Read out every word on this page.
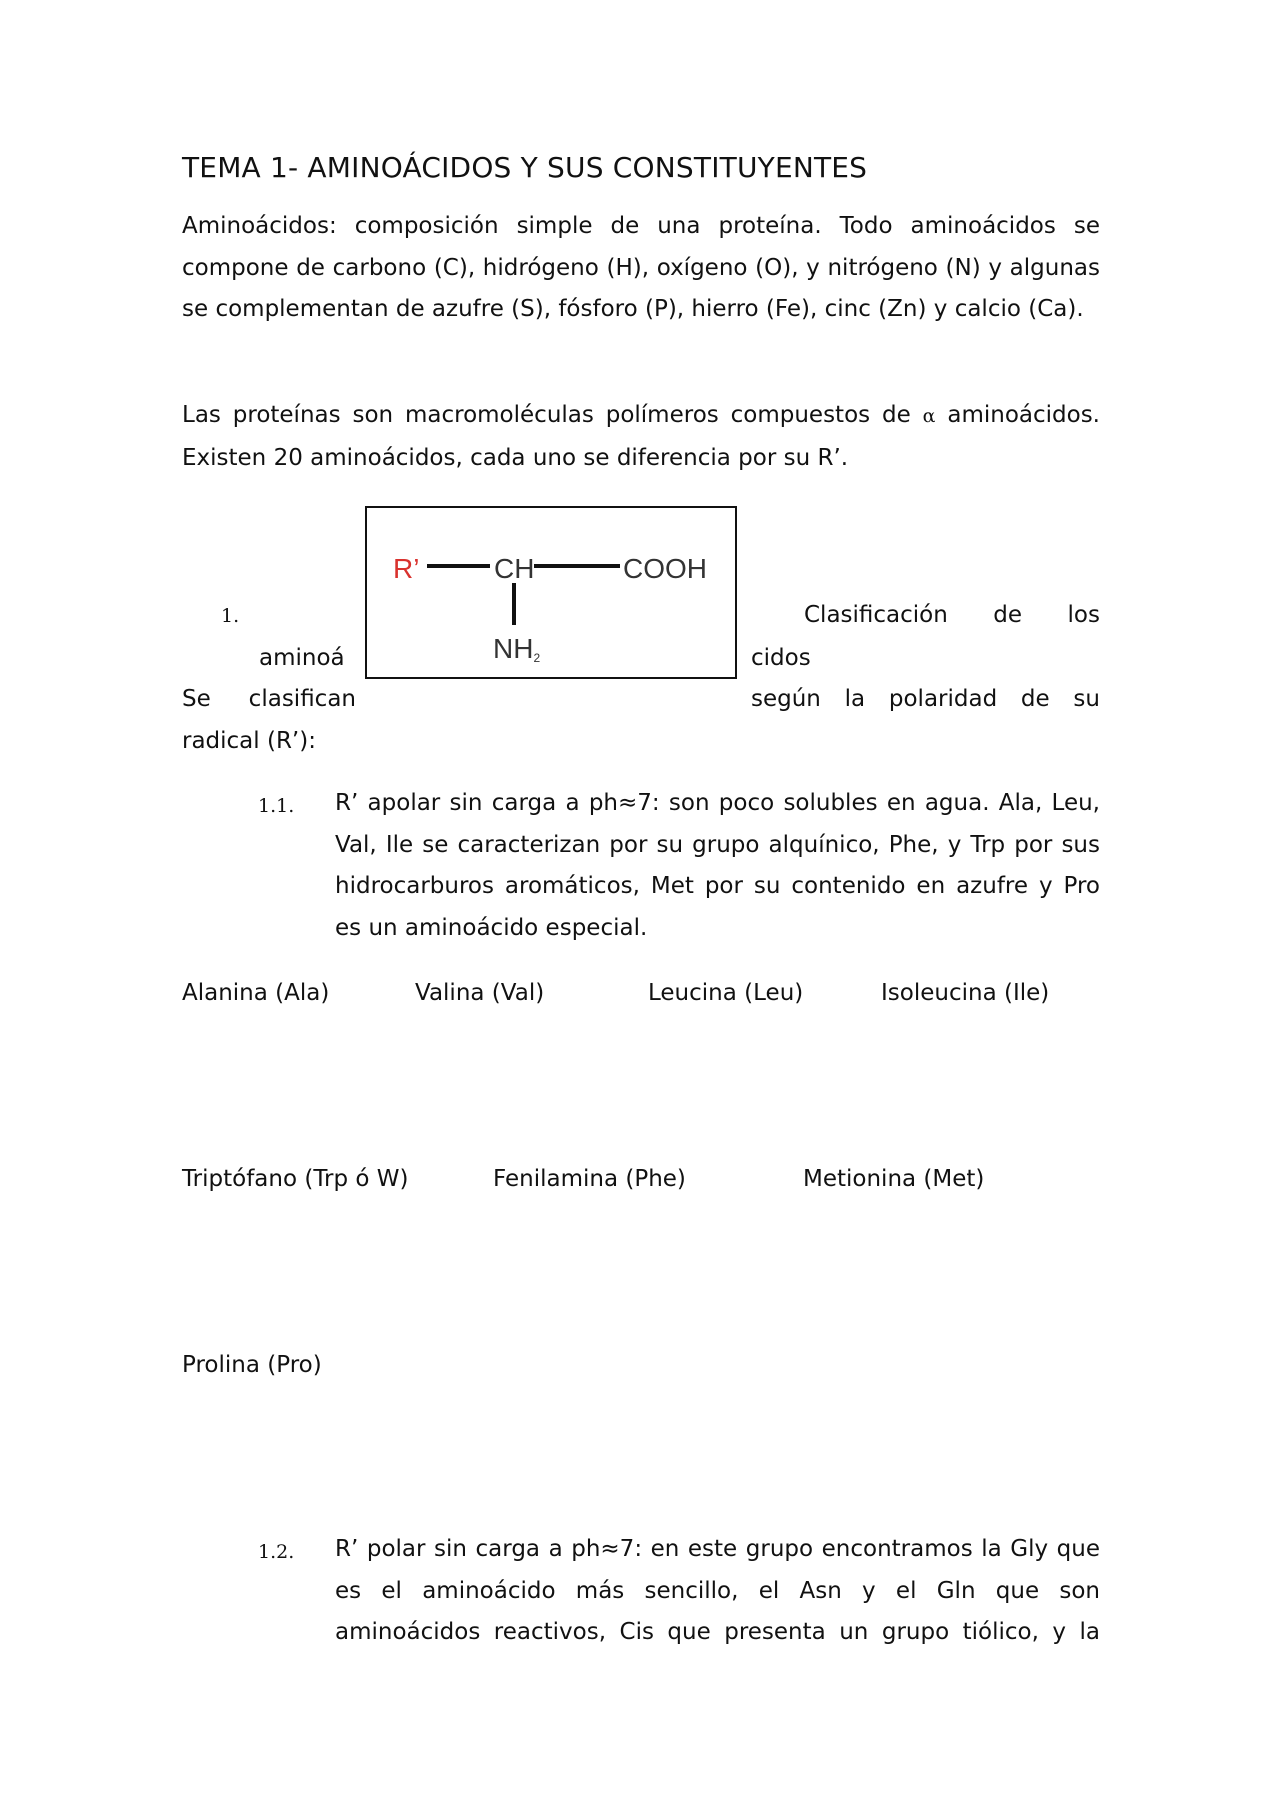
TEMA 1- AMINOÁCIDOS Y SUS CONSTITUYENTES

Aminoácidos: composición simple de una proteína. Todo aminoácidos se compone de carbono (C), hidrógeno (H), oxígeno (O), y nitrógeno (N) y algunas se complementan de azufre (S), fósforo (P), hierro (Fe), cinc (Zn) y calcio (Ca).

Las proteínas son macromoléculas polímeros compuestos de α aminoácidos. Existen 20 aminoácidos, cada uno se diferencia por su R’.

1.	Clasificación de los
aminoá	cidos
Se clasifican	según la polaridad de su
radical (R’):
R’	CH	COOH
NH2
1.1. R’ apolar sin carga a ph≈7: son poco solubles en agua. Ala, Leu, Val, Ile se caracterizan por su grupo alquínico, Phe, y Trp por sus hidrocarburos aromáticos, Met por su contenido en azufre y Pro es un aminoácido especial.

Alanina (Ala)	Valina (Val)	Leucina (Leu)	Isoleucina (Ile)
Triptófano (Trp ó W)	Fenilamina (Phe)	Metionina (Met)
Prolina (Pro)
1.2. R’ polar sin carga a ph≈7: en este grupo encontramos la Gly que es el aminoácido más sencillo, el Asn y el Gln que son aminoácidos reactivos, Cis que presenta un grupo tiólico, y la
